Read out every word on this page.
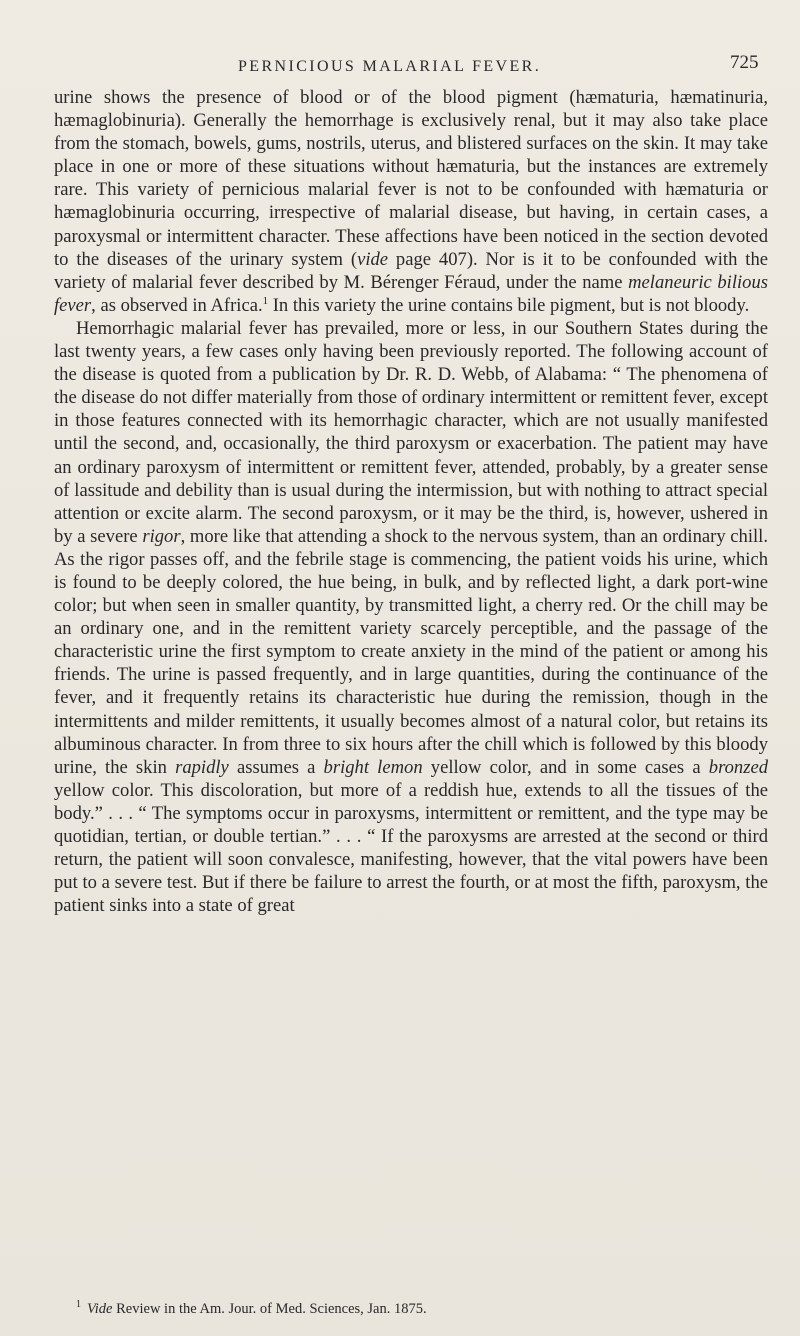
PERNICIOUS MALARIAL FEVER.	725

urine shows the presence of blood or of the blood pigment (hæmaturia, hæmatinuria, hæmaglobinuria). Generally the hemorrhage is exclusively renal, but it may also take place from the stomach, bowels, gums, nostrils, uterus, and blistered surfaces on the skin. It may take place in one or more of these situations without hæmaturia, but the instances are extremely rare. This variety of pernicious malarial fever is not to be confounded with hæmaturia or hæmaglobinuria occurring, irrespective of malarial disease, but having, in certain cases, a paroxysmal or intermittent character. These affections have been noticed in the section devoted to the diseases of the urinary system (vide page 407). Nor is it to be confounded with the variety of malarial fever described by M. Bérenger Féraud, under the name melaneuric bilious fever, as observed in Africa.$^1$ In this variety the urine contains bile pigment, but is not bloody.

Hemorrhagic malarial fever has prevailed, more or less, in our Southern States during the last twenty years, a few cases only having been previously reported. The following account of the disease is quoted from a publication by Dr. R. D. Webb, of Alabama: “ The phenomena of the disease do not differ materially from those of ordinary intermittent or remittent fever, except in those features connected with its hemorrhagic character, which are not usually manifested until the second, and, occasionally, the third paroxysm or exacerbation. The patient may have an ordinary paroxysm of intermittent or remittent fever, attended, probably, by a greater sense of lassitude and debility than is usual during the intermission, but with nothing to attract special attention or excite alarm. The second paroxysm, or it may be the third, is, however, ushered in by a severe rigor, more like that attending a shock to the nervous system, than an ordinary chill. As the rigor passes off, and the febrile stage is commencing, the patient voids his urine, which is found to be deeply colored, the hue being, in bulk, and by reflected light, a dark port-wine color; but when seen in smaller quantity, by transmitted light, a cherry red. Or the chill may be an ordinary one, and in the remittent variety scarcely perceptible, and the passage of the characteristic urine the first symptom to create anxiety in the mind of the patient or among his friends. The urine is passed frequently, and in large quantities, during the continuance of the fever, and it frequently retains its characteristic hue during the remission, though in the intermittents and milder remittents, it usually becomes almost of a natural color, but retains its albuminous character. In from three to six hours after the chill which is followed by this bloody urine, the skin rapidly assumes a bright lemon yellow color, and in some cases a bronzed yellow color. This discoloration, but more of a reddish hue, extends to all the tissues of the body.” . . . “ The symptoms occur in paroxysms, intermittent or remittent, and the type may be quotidian, tertian, or double tertian.” . . . “ If the paroxysms are arrested at the second or third return, the patient will soon convalesce, manifesting, however, that the vital powers have been put to a severe test. But if there be failure to arrest the fourth, or at most the fifth, paroxysm, the patient sinks into a state of great

$^1$ Vide Review in the Am. Jour. of Med. Sciences, Jan. 1875.
